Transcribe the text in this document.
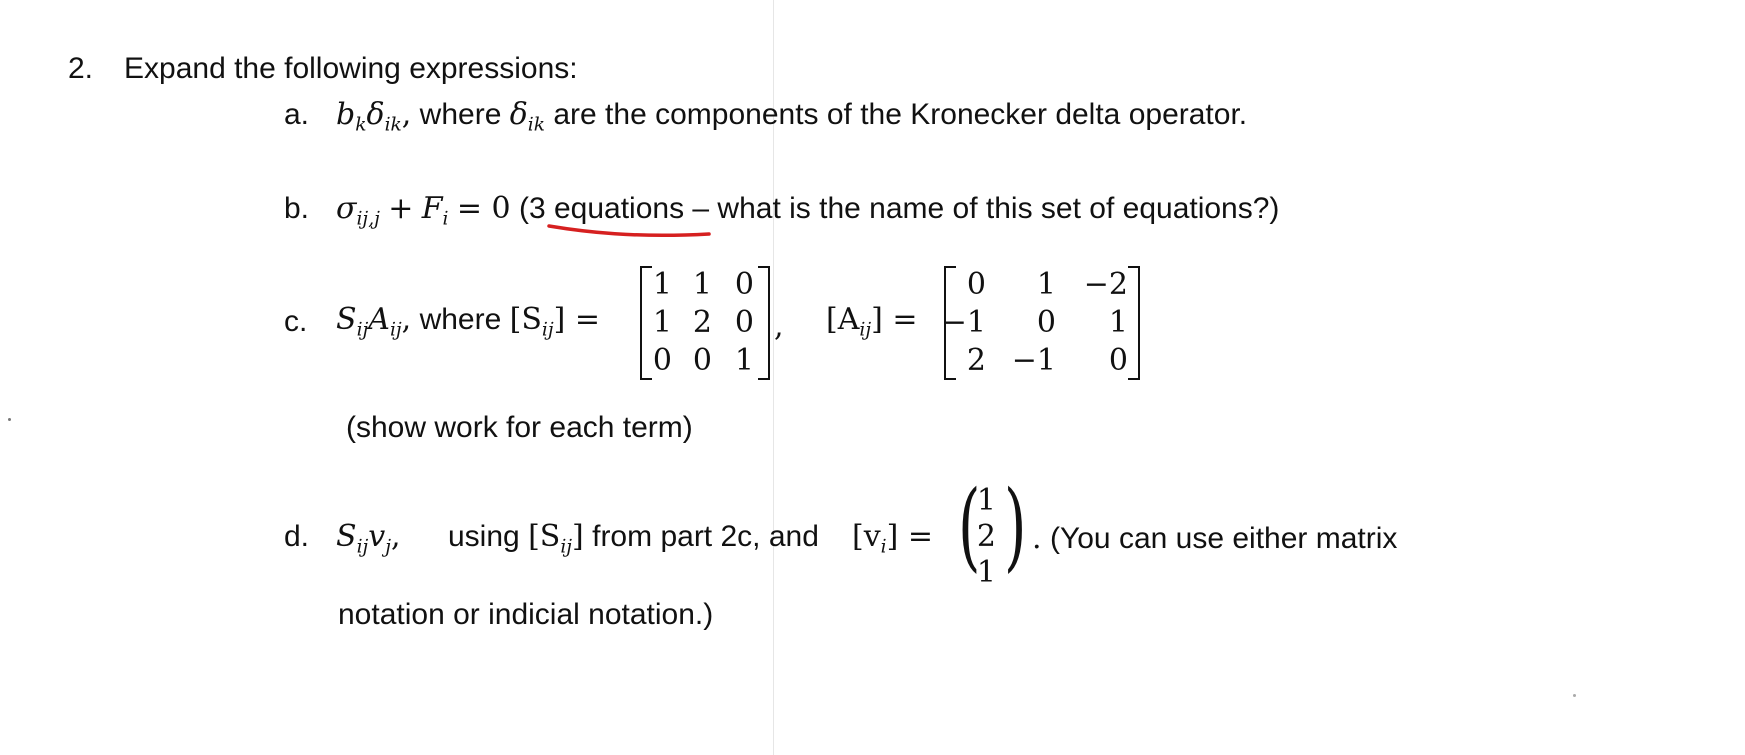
2. Expand the following expressions:
a. $b_k\delta_{ik}$, where $\delta_{ik}$ are the components of the Kronecker delta operator.
b. $\sigma_{ij,j} + F_i = 0$ (3 equations – what is the name of this set of equations?)
c. $S_{ij}A_{ij}$, where $[S_{ij}]$ =
1 1 0
1 2 0
0 0 1
, $[A_{ij}]$ =
0 1 −2
−1 0 1
2 −1 0
(show work for each term)
d. $S_{ij}v_j$, using $[S_{ij}]$ from part 2c, and $[v_i]$ = (
1
2
1 ) . (You can use either matrix
notation or indicial notation.)
